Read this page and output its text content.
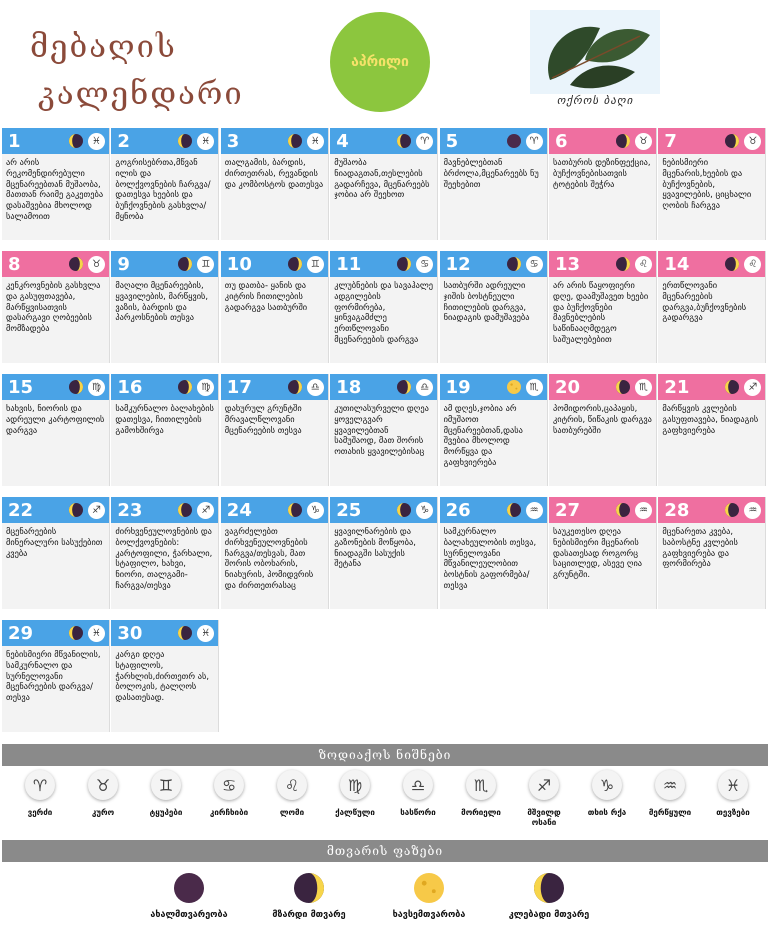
მებაღის
კალენდარი
აპრილი
ოქროს ბაღი
1	♓
არ არის რეკომენდირებული მცენარეებთან მუშაობა, მათთან რაიმე გაკეთება დასაშვებია მხოლოდ სალამოით
2	♓
გოგრისებრთა,მწვან ილის და ბოლქვოვნების ჩარგვა/დათესვა ხეების და ბუჩქოვნების გასხვლა/მყნობა
3	♓
თალგამის, ბარდის, ძირთეთრას, რევანდის და კომბოსტოს დათესვა
4	♈
მუშაობა ნიადაგთან,თესლების გადარჩევა, მცენარეებს ჯობია არ შეეხოთ
5	♈
მავნებლებთან ბრძოლა,მცენარეებს ნუ შეეხებით
6	♉
სათბურის დეზინფექცია, ბუჩქოვნებისათვის ტოტების შეჭრა
7	♉
ნებისმიერი მცენარის,ხეების და ბუჩქოვნების, ყვავილების, ციცხალი ღობის ჩარგვა
8	♉
კენკროვნების გასხვლა და გასუფთავება, მარწყვისათვის დასარგავი ღობეების მომზადება
9	♊
მაღალი მცენარეების, ყვავილების, მარწყვის, ვაზის, ბარდის და პარკოსნების თესვა
10	♊
თუ დათბა- ყანის და კიტრის ჩითილების გადარგვა სათბურში
11	♋
კლუბნების და სავაჰალე ადგილების ფორმირება, ყინვაგამძლე ერთწლოვანი მცენარეების დარგვა
12	♋
სათბურში ადრეული ჯიშის ბოსტნეული ჩითილების დარგვა, ნიადაგის დამუშავება
13	♌
არ არის წაყოფიერი დღე, დაამუშავეთ ხეები და ბუჩქოვნები მავნებლების საწინააღმდეგო საშუალებებით
14	♌
ერთწლოვანი მცენარეების დარგვა,ბუჩქოვნების გადარგვა
15	♍
ხახვის, ნიორის და ადრეული კარტოფილის დარგვა
16	♍
სამკურნალო ბალახების დათესვა, ჩითილების გამოხშირვა
17	♎
დახურულ გრუნტში მრავალწლოვანი მცენარეების თესვა
18	♎
კუთილასურველი დღეა ყოველგვარ ყვავილებთან სამუშაოდ, მათ შორის ოთახის ყვავილებისაც
19	♏
ამ დღეს,ჯობია არ იმუშაოთ მცენარეებთან,დასა შვებია მხოლოდ მორწყვა და გაფხვიერება
20	♏
პომიდორის,ცაპაყის, კიტრის, წიწაკის დარგვა სათბურებში
21	♐
მარწყვის კვლების გასუფთავება, ნიადაგის გაფხვიერება
22	♐
მცენარეების მინერალური სასუქებით კვება
23	♐
ძირხვენეულოვნების და ბოლქვოვნების: კარტოფილი, ჭარხალი, სტაფილო, ხახვი, ნიორი, თალგამი- ჩარგვა/თესვა
24	♑
ვაგრძელებთ ძირხვენეულოვნების ჩარგვა/თესვას, მათ შორის ობოხარის, ნიახურის, პომიდვრის და ძირთეთრასაც
25	♑
ყვავილნარების და გაზონების მოწყობა, ნიადაგში სასუქის შეტანა
26	♒
სამკურნალო ბალახეულობის თესვა, სურნელოვანი მწვანილეულობით ბოსტნის გაფორმება/თესვა
27	♒
საუკეთესო დღეა ნებისმიერი მცენარის დასათესად როგორც საცითლედ, ასევე ღია გრუნტში.
28	♒
მცენარეთა კვება, საბოსტნე კვლების გაფხვიერება და ფორმირება
29	♓
ნებისმიერი მწვანილის, სამკურნალო და სურნელოვანი მცენარეების დარგვა/თესვა
30	♓
კარგი დღეა სტაფილოს, ჭარხლის,ძირთეთრ ას, ბოლოკის, ტალღოს დასათესად.
ზოდიაქოს ნიშნები
♈
ვერძი
♉
კურო
♊
ტყუპები
♋
კირჩხიბი
♌
ლომი
♍
ქალწული
♎
სასწორი
♏
მორიელი
♐
მშვილდ ოსანი
♑
თხის რქა
♒
მერწყული
♓
თევზები
მთვარის ფაზები
ახალმთვარეობა	მზარდი მთვარე	ხავსემთვარობა	კლებადი მთვარე
